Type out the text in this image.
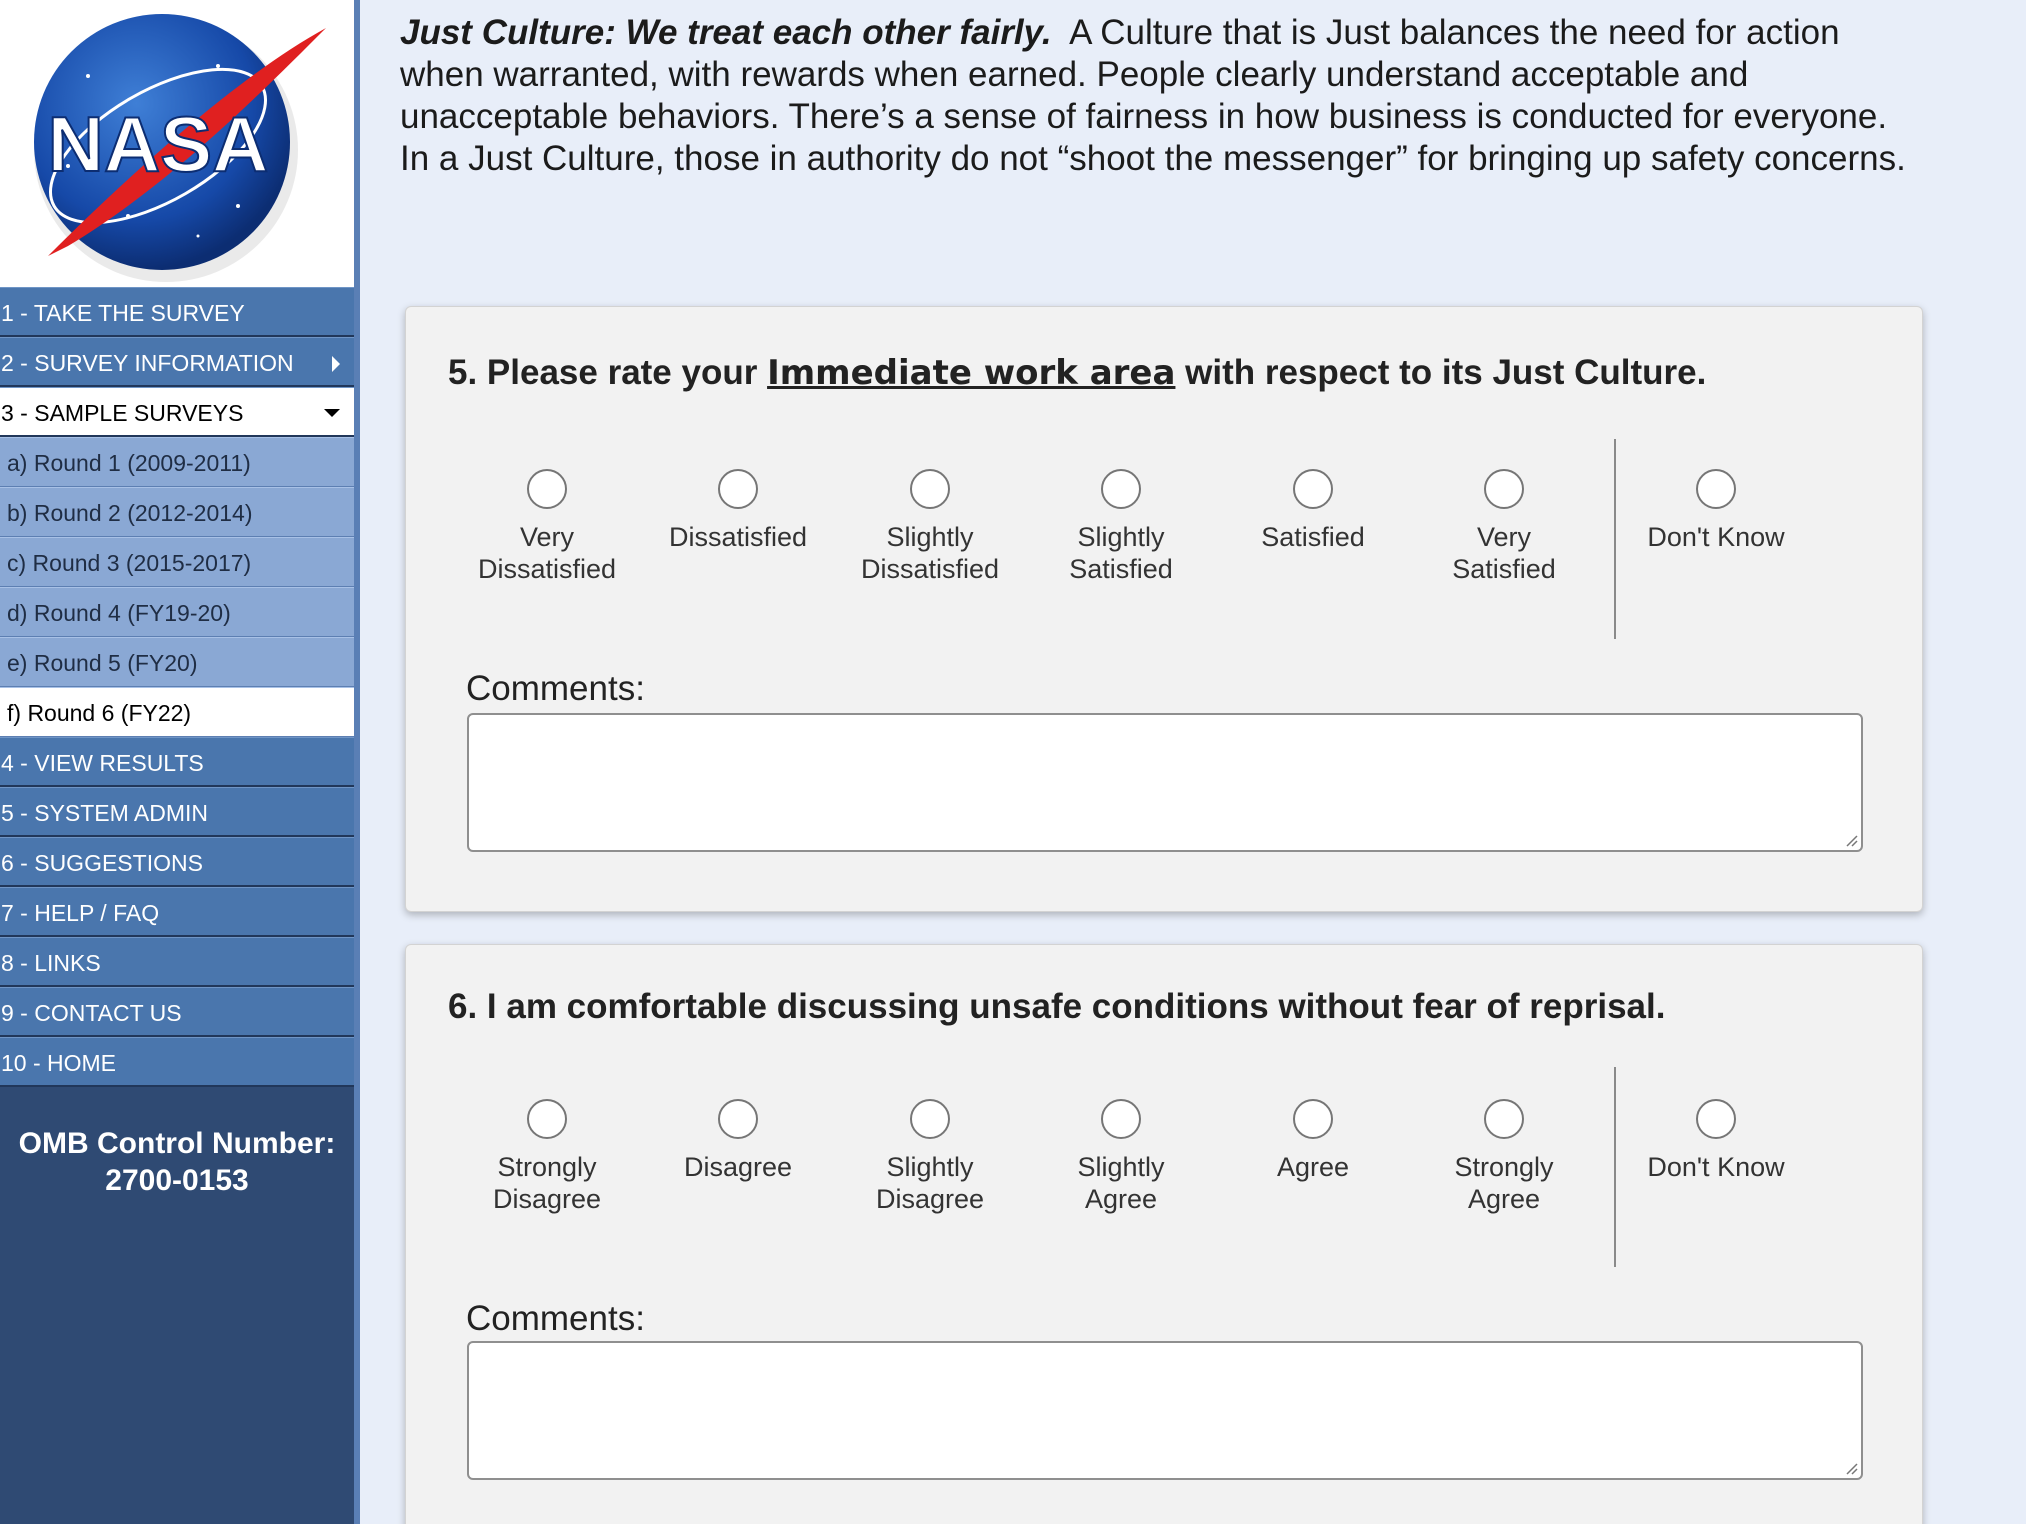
NASA
1 - TAKE THE SURVEY
2 - SURVEY INFORMATION
3 - SAMPLE SURVEYS
a) Round 1 (2009-2011)
b) Round 2 (2012-2014)
c) Round 3 (2015-2017)
d) Round 4 (FY19-20)
e) Round 5 (FY20)
f) Round 6 (FY22)
4 - VIEW RESULTS
5 - SYSTEM ADMIN
6 - SUGGESTIONS
7 - HELP / FAQ
8 - LINKS
9 - CONTACT US
10 - HOME
OMB Control Number:
2700-0153
Just Culture: We treat each other fairly. A Culture that is Just balances the need for action when warranted, with rewards when earned. People clearly understand acceptable and unacceptable behaviors. There’s a sense of fairness in how business is conducted for everyone. In a Just Culture, those in authority do not “shoot the messenger” for bringing up safety concerns.
5. Please rate your Immediate work area with respect to its Just Culture.
Very
Dissatisfied
Dissatisfied	Slightly
Dissatisfied
Slightly
Satisfied
Satisfied	Very
Satisfied
Don't Know
Comments:
6. I am comfortable discussing unsafe conditions without fear of reprisal.
Strongly
Disagree
Disagree	Slightly
Disagree
Slightly
Agree
Agree	Strongly
Agree
Don't Know
Comments:
